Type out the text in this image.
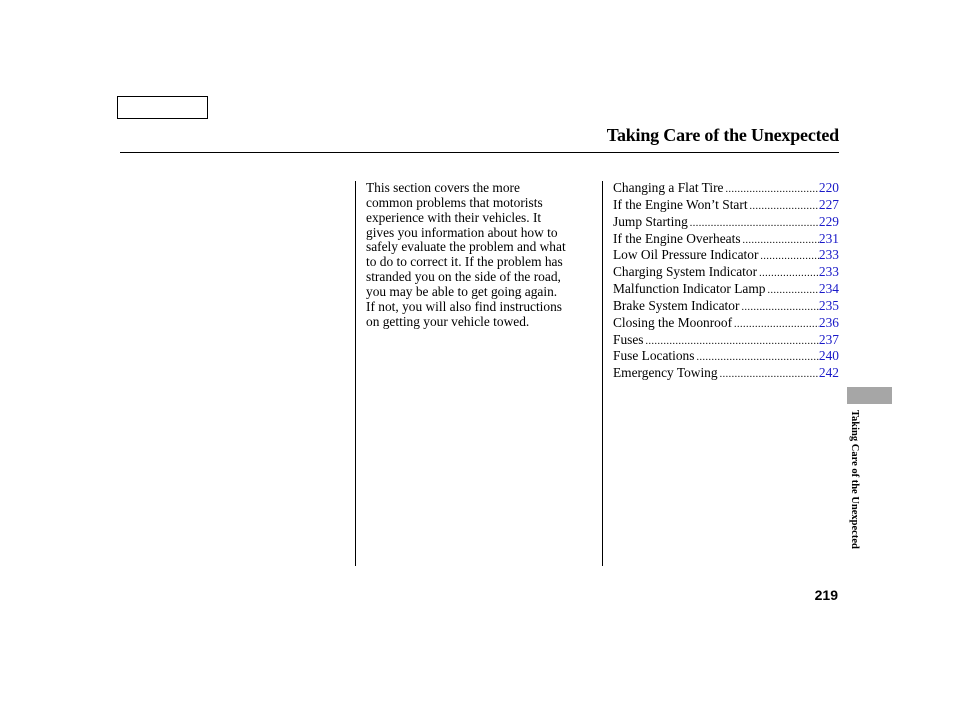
Taking Care of the Unexpected
This section covers the more
common problems that motorists
experience with their vehicles. It
gives you information about how to
safely evaluate the problem and what
to do to correct it. If the problem has
stranded you on the side of the road,
you may be able to get going again.
If not, you will also find instructions
on getting your vehicle towed.
Changing a Flat Tire .....	220
If the Engine Won’t Start .....	227
Jump Starting .....	229
If the Engine Overheats .....	231
Low Oil Pressure Indicator .....	233
Charging System Indicator .....	233
Malfunction Indicator Lamp .....	234
Brake System Indicator .....	235
Closing the Moonroof .....	236
Fuses .....	237
Fuse Locations .....	240
Emergency Towing .....	242
Taking Care of the Unexpected
219
